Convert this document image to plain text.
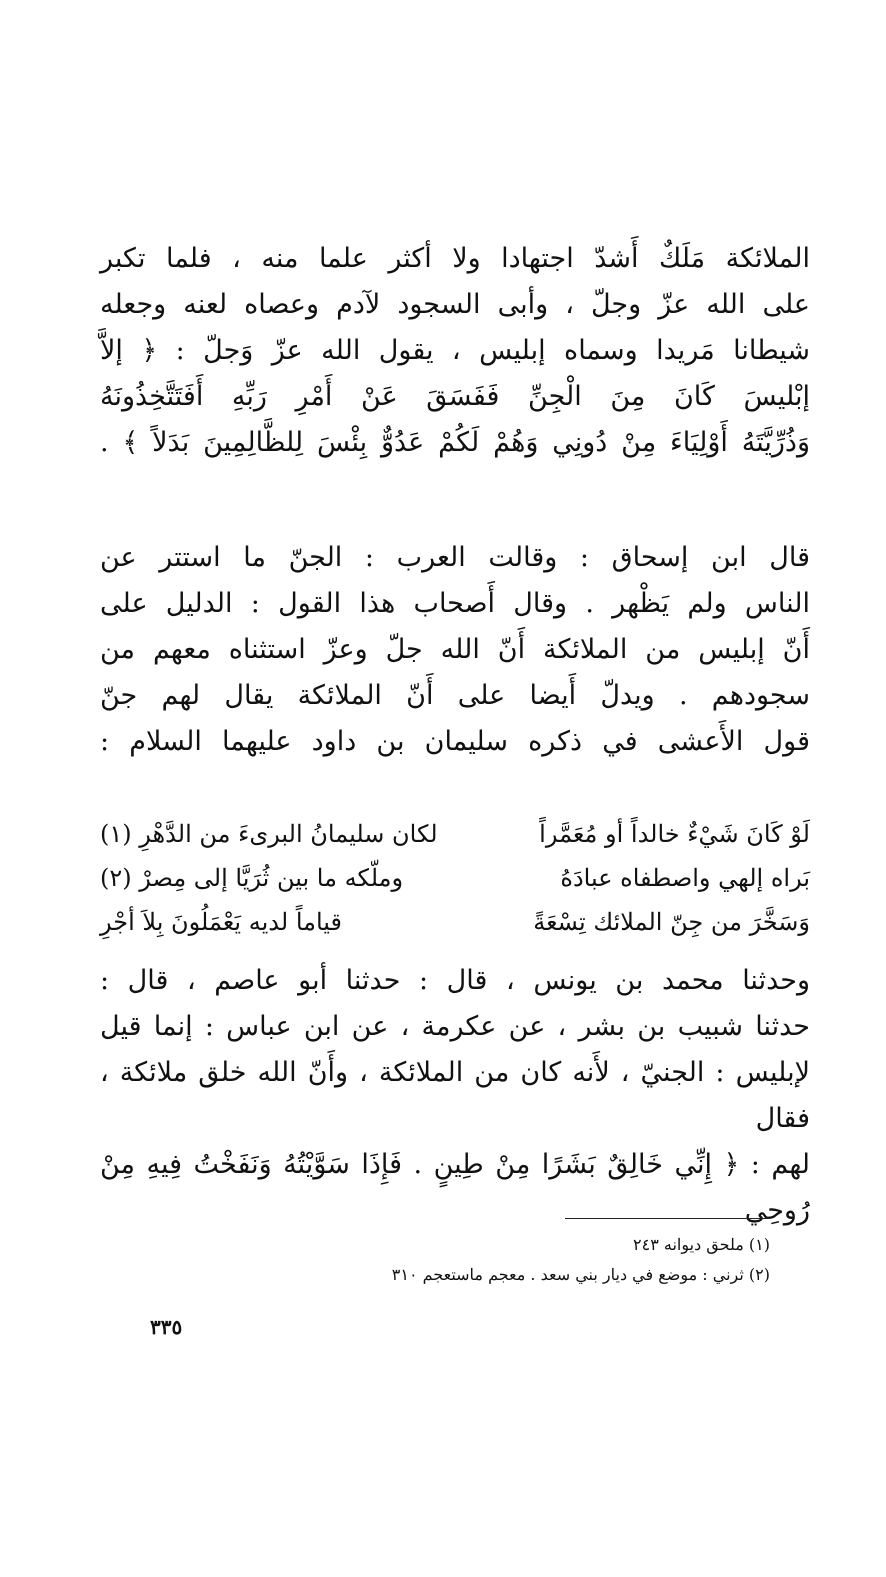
الملائكة مَلَكٌ أَشدّ اجتهادا ولا أكثر علما منه ، فلما تكبر
على الله عزّ وجلّ ، وأبى السجود لآدم وعصاه لعنه وجعله
شيطانا مَريدا وسماه إبليس ، يقول الله عزّ وَجلّ : ﴿ إلاَّ
إبْليسَ كَانَ مِنَ الْجِنِّ فَفَسَقَ عَنْ أَمْرِ رَبِّهِ أَفَتَتَّخِذُونَهُ
وَذُرِّيَّتَهُ أَوْلِيَاءَ مِنْ دُونِي وَهُمْ لَكُمْ عَدُوٌّ بِئْسَ لِلظَّالِمِينَ بَدَلاً ﴾ .
قال ابن إسحاق : وقالت العرب : الجنّ ما استتر عن
الناس ولم يَظْهر . وقال أَصحاب هذا القول : الدليل على
أَنّ إبليس من الملائكة أَنّ الله جلّ وعزّ استثناه معهم من
سجودهم . ويدلّ أَيضا على أَنّ الملائكة يقال لهم جنّ
قول الأَعشى في ذكره سليمان بن داود عليهما السلام :
لَوْ كَانَ شَيْءٌ خالداً أو مُعَمَّراً
لكان سليمانُ البرىءَ من الدَّهْرِ (١)
بَراه إلهي واصطفاه عبادَهُ
وملّكه ما بين ثُرَيَّا إلى مِصرْ (٢)
وَسَخَّرَ من جِنّ الملائك تِسْعَةً
قياماً لديه يَعْمَلُونَ بِلاَ أجْرِ
وحدثنا محمد بن يونس ، قال : حدثنا أبو عاصم ، قال :
حدثنا شبيب بن بشر ، عن عكرمة ، عن ابن عباس : إنما قيل
لإبليس : الجنيّ ، لأَنه كان من الملائكة ، وأَنّ الله خلق ملائكة ، فقال
لهم : ﴿ إِنِّي خَالِقٌ بَشَرًا مِنْ طِينٍ . فَإِذَا سَوَّيْتُهُ وَنَفَخْتُ فِيهِ مِنْ رُوحِي
(١) ملحق ديوانه ٢٤٣
(٢) ثرني : موضع في ديار بني سعد . معجم ماستعجم ٣١٠
٣٣٥
